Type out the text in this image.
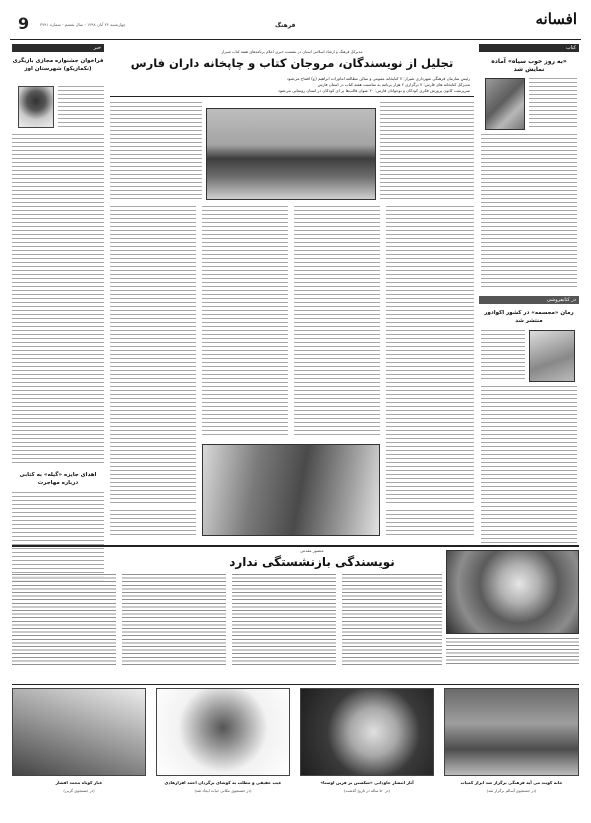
9	چهارشنبه ۲۴ آبان ۱۳۹۸ - سال ششم - شماره ۳۷۹۱	فرهنگ	افسانه
کتاب
«به روز خوب سیاه» آماده نمایش شد
در کتابفروشی
رمان «مجسمه» در کشور اکوادور منتشر شد
خبر
فراخوان جشنواره مجازی بازیگری (نکمازیکو) شهرستان اوز
اهدای جایزه «گیله» به کتابی درباره مهاجرت
مدیرکل فرهنگ و ارشاد اسلامی استان در نشست خبری اعلام برنامه‌های هفته کتاب شیراز
تجلیل از نویسندگان، مروجان کتاب و چاپخانه داران فارس
رئیس سازمان فرهنگی شهرداری شیراز: ۷ کتابخانه عمومی و سالن مطالعه امام‌زاده ابراهیم (ع) افتتاح می‌شود
مدیرکل کتابخانه های فارس: ۷ برگزاری ۲ هزار برنامه به مناسبت هفته کتاب در استان فارس
سرپرست کانون پرورش فکری کودکان و نوجوانان فارس: ۲۰ عنوان قالب‌ها بر ای کودکان در استان رونمایی می‌شود
منصور مقدس
نویسندگی بازنشستگی ندارد
غبار کوتاه محمد افشار
(در جستجوی گرنی)
غیب حقیقی و مطلب به کوشای برگردان احمد افرازهادی
(در حستجوی مکانی حیات ایجاد شد)
آثار انتشار جاودانی «شکستن بر فزین اوستا»
(در ۵۰ ساله در تاریخ گذشت)
خانه کوبند می آیه فرهنگی برگزار شد ابزار کمیاب
(در جستجوی آسالم برگزار شد)
